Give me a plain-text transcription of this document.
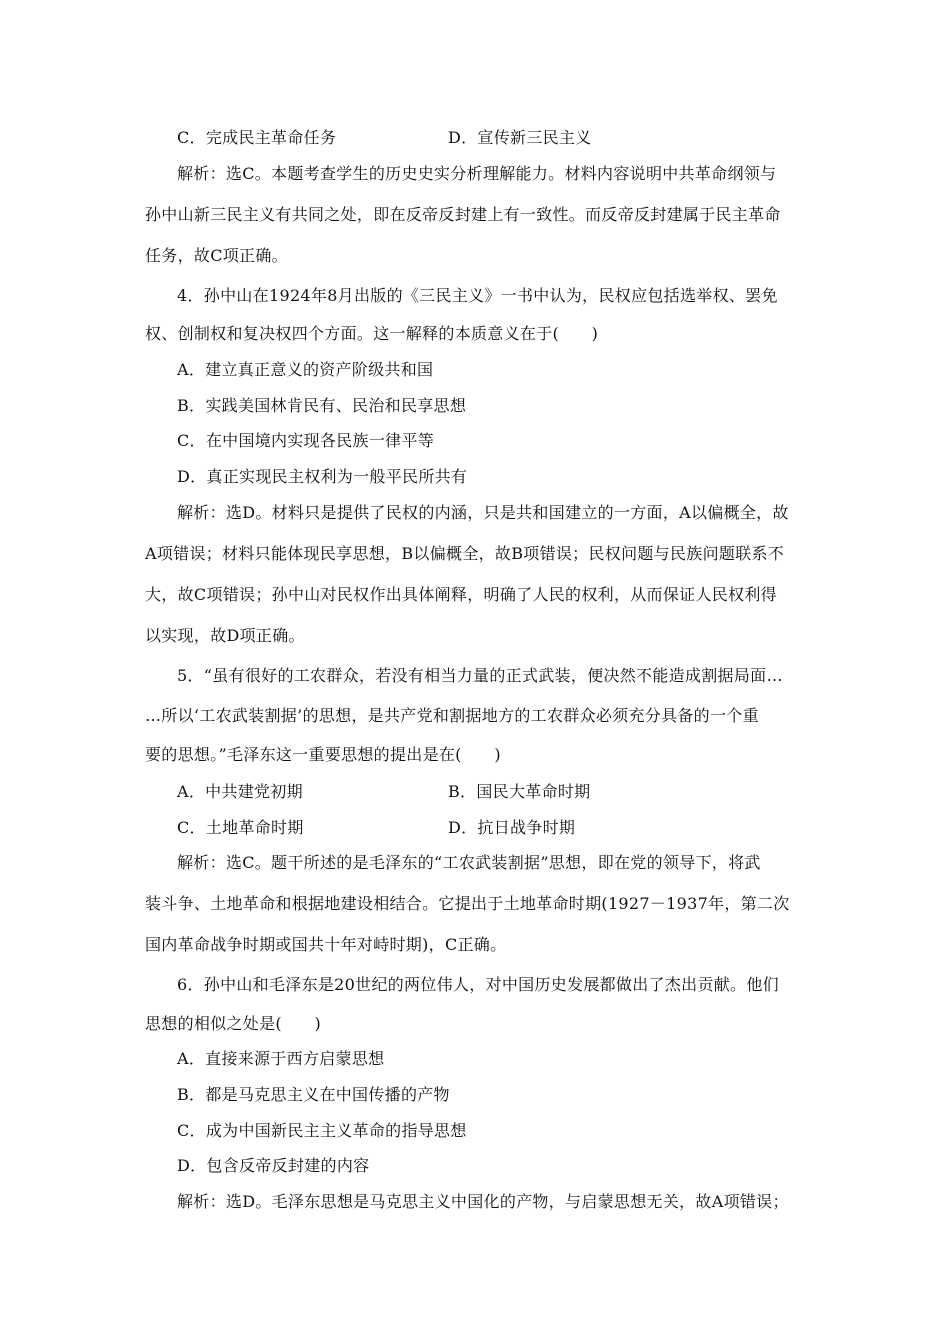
C．完成民主革命任务	D．宣传新三民主义
解析：选C。本题考查学生的历史史实分析理解能力。材料内容说明中共革命纲领与
孙中山新三民主义有共同之处，即在反帝反封建上有一致性。而反帝反封建属于民主革命
任务，故C项正确。
4．孙中山在1924年8月出版的《三民主义》一书中认为，民权应包括选举权、罢免
权、创制权和复决权四个方面。这一解释的本质意义在于(　　)
A．建立真正意义的资产阶级共和国
B．实践美国林肯民有、民治和民享思想
C．在中国境内实现各民族一律平等
D．真正实现民主权利为一般平民所共有
解析：选D。材料只是提供了民权的内涵，只是共和国建立的一方面，A以偏概全，故
A项错误；材料只能体现民享思想，B以偏概全，故B项错误；民权问题与民族问题联系不
大，故C项错误；孙中山对民权作出具体阐释，明确了人民的权利，从而保证人民权利得
以实现，故D项正确。
5．“虽有很好的工农群众，若没有相当力量的正式武装，便决然不能造成割据局面…
…所以‘工农武装割据’的思想，是共产党和割据地方的工农群众必须充分具备的一个重
要的思想。”毛泽东这一重要思想的提出是在(　　)
A．中共建党初期	B．国民大革命时期
C．土地革命时期	D．抗日战争时期
解析：选C。题干所述的是毛泽东的“工农武装割据”思想，即在党的领导下，将武
装斗争、土地革命和根据地建设相结合。它提出于土地革命时期(1927－1937年，第二次
国内革命战争时期或国共十年对峙时期)，C正确。
6．孙中山和毛泽东是20世纪的两位伟人，对中国历史发展都做出了杰出贡献。他们
思想的相似之处是(　　)
A．直接来源于西方启蒙思想
B．都是马克思主义在中国传播的产物
C．成为中国新民主主义革命的指导思想
D．包含反帝反封建的内容
解析：选D。毛泽东思想是马克思主义中国化的产物，与启蒙思想无关，故A项错误；
